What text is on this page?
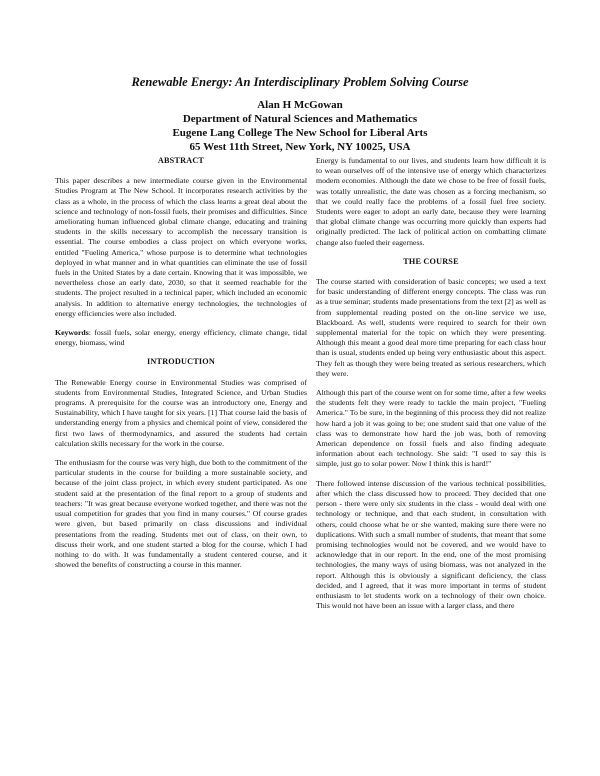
Renewable Energy: An Interdisciplinary Problem Solving Course
Alan H McGowan
Department of Natural Sciences and Mathematics
Eugene Lang College The New School for Liberal Arts
65 West 11th Street, New York, NY 10025, USA
ABSTRACT

This paper describes a new intermediate course given in the Environmental Studies Program at The New School. It incorporates research activities by the class as a whole, in the process of which the class learns a great deal about the science and technology of non-fossil fuels, their promises and difficulties. Since ameliorating human influenced global climate change, educating and training students in the skills necessary to accomplish the necessary transition is essential. The course embodies a class project on which everyone works, entitled "Fueling America," whose purpose is to determine what technologies deployed in what manner and in what quantities can eliminate the use of fossil fuels in the United States by a date certain. Knowing that it was impossible, we nevertheless chose an early date, 2030, so that it seemed reachable for the students. The project resulted in a technical paper, which included an economic analysis. In addition to alternative energy technologies, the technologies of energy efficiencies were also included.

Keywords: fossil fuels, solar energy, energy efficiency, climate change, tidal energy, biomass, wind

INTRODUCTION

The Renewable Energy course in Environmental Studies was comprised of students from Environmental Studies, Integrated Science, and Urban Studies programs. A prerequisite for the course was an introductory one, Energy and Sustainability, which I have taught for six years. [1] That course laid the basis of understanding energy from a physics and chemical point of view, considered the first two laws of thermodynamics, and assured the students had certain calculation skills necessary for the work in the course.

The enthusiasm for the course was very high, due both to the commitment of the particular students in the course for building a more sustainable society, and because of the joint class project, in which every student participated. As one student said at the presentation of the final report to a group of students and teachers: "It was great because everyone worked together, and there was not the usual competition for grades that you find in many courses." Of course grades were given, but based primarily on class discussions and individual presentations from the reading. Students met out of class, on their own, to discuss their work, and one student started a blog for the course, which I had nothing to do with. It was fundamentally a student centered course, and it showed the benefits of constructing a course in this manner.

Energy is fundamental to our lives, and students learn how difficult it is to wean ourselves off of the intensive use of energy which characterizes modern economies. Although the date we chose to be free of fossil fuels, was totally unrealistic, the date was chosen as a forcing mechanism, so that we could really face the problems of a fossil fuel free society. Students were eager to adopt an early date, because they were learning that global climate change was occurring more quickly than experts had originally predicted. The lack of political action on combatting climate change also fueled their eagerness.

THE COURSE

The course started with consideration of basic concepts; we used a text for basic understanding of different energy concepts. The class was run as a true seminar; students made presentations from the text [2] as well as from supplemental reading posted on the on-line service we use, Blackboard. As well, students were required to search for their own supplemental material for the topic on which they were presenting. Although this meant a good deal more time preparing for each class hour than is usual, students ended up being very enthusiastic about this aspect. They felt as though they were being treated as serious researchers, which they were.

Although this part of the course went on for some time, after a few weeks the students felt they were ready to tackle the main project, "Fueling America." To be sure, in the beginning of this process they did not realize how hard a job it was going to be; one student said that one value of the class was to demonstrate how hard the job was, both of removing American dependence on fossil fuels and also finding adequate information about each technology. She said: "I used to say this is simple, just go to solar power. Now I think this is hard!"

There followed intense discussion of the various technical possibilities, after which the class discussed how to proceed. They decided that one person - there were only six students in the class - would deal with one technology or technique, and that each student, in consultation with others, could choose what he or she wanted, making sure there were no duplications. With such a small number of students, that meant that some promising technologies would not be covered, and we would have to acknowledge that in our report. In the end, one of the most promising technologies, the many ways of using biomass, was not analyzed in the report. Although this is obviously a significant deficiency, the class decided, and I agreed, that it was more important in terms of student enthusiasm to let students work on a technology of their own choice. This would not have been an issue with a larger class, and there
